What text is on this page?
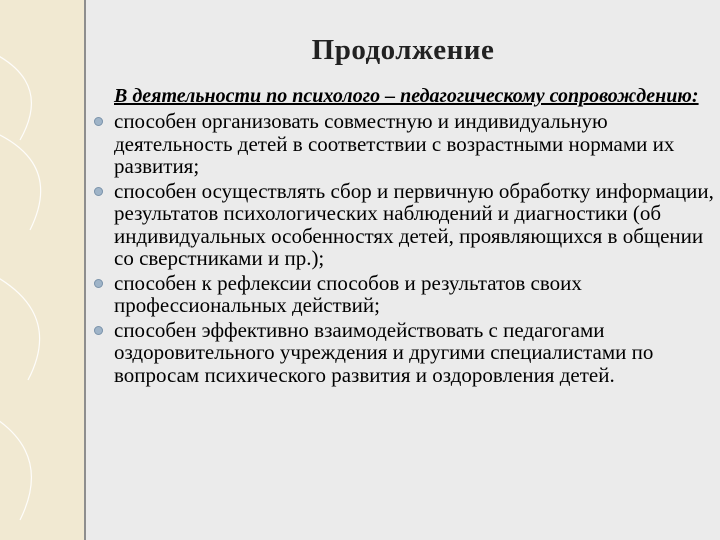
Продолжение
В деятельности по психолого – педагогическому сопровождению:
способен организовать совместную и индивидуальную деятельность детей в соответствии с возрастными нормами их развития;
способен осуществлять сбор и первичную обработку информации, результатов психологических наблюдений и диагностики (об индивидуальных особенностях детей, проявляющихся в общении со сверстниками и пр.);
способен к рефлексии способов и результатов своих профессиональных действий;
способен эффективно взаимодействовать с педагогами оздоровительного учреждения и другими специалистами по вопросам психического развития и оздоровления детей.
